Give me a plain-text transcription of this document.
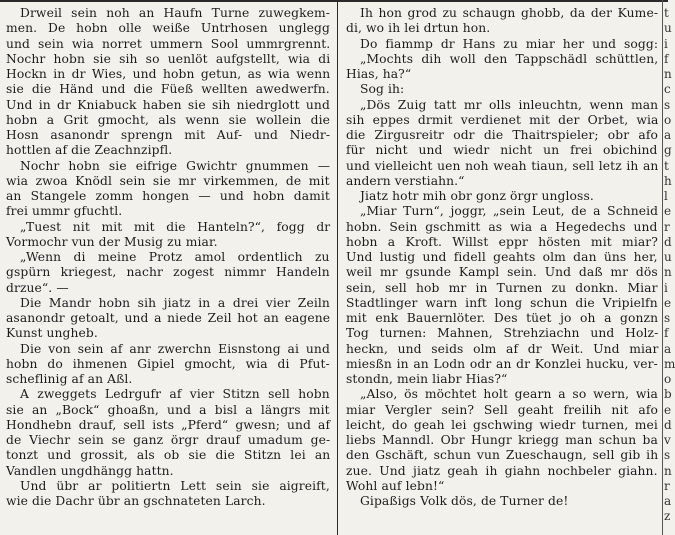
Drweil sein noh an Haufn Turne zuwegkem-
men. De hobn olle weiße Untrhosen unglegg
und sein wia norret ummern Sool ummrgrennt.
Nochr hobn sie sih so uenlöt aufgstellt, wia di
Hockn in dr Wies, und hobn getun, as wia wenn
sie die Händ und die Füeß wellten awedwerfn.
Und in dr Kniabuck haben sie sih niedrglott und
hobn a Grit gmocht, als wenn sie wollein die
Hosn asanondr sprengn mit Auf- und Niedr-
hottlen af die Zeachnzipfl.
Nochr hobn sie eifrige Gwichtr gnummen —
wia zwoa Knödl sein sie mr virkemmen, de mit
an Stangele zomm hongen — und hobn damit
frei ummr gfuchtl.
„Tuest nit mit mit die Hanteln?“, fogg dr
Vormochr vun der Musig zu miar.
„Wenn di meine Protz amol ordentlich zu
gspürn kriegest, nachr zogest nimmr Handeln
drzue“. —
Die Mandr hobn sih jiatz in a drei vier Zeiln
asanondr getoalt, und a niede Zeil hot an eagene
Kunst ungheb.
Die von sein af anr zwerchn Eisnstong ai und
hobn do ihmenen Gipiel gmocht, wia di Pfut-
scheflinig af an Aßl.
A zweggets Ledrgufr af vier Stitzn sell hobn
sie an „Bock“ ghoaßn, und a bisl a längrs mit
Hondhebn drauf, sell ists „Pferd“ gwesn; und af
de Viechr sein se ganz örgr drauf umadum ge-
tonzt und grossit, als ob sie die Stitzn lei an
Vandlen ungdhängg hattn.
Und übr ar politiertn Lett sein sie aigreift,
wie die Dachr übr an gschnateten Larch.
Ih hon grod zu schaugn ghobb, da der Kume-
di, wo ih lei drtun hon.
Do fiammp dr Hans zu miar her und sogg:
„Mochts dih woll den Tappschädl schüttlen,
Hias, ha?“
Sog ih:
„Dös Zuig tatt mr olls inleuchtn, wenn man
sih eppes drmit verdienet mit der Orbet, wia
die Zirgusreitr odr die Thaitrspieler; obr afo
für nicht und wiedr nicht un frei obichind
und vielleicht uen noh weah tiaun, sell letz ih an
andern verstiahn.“
Jiatz hotr mih obr gonz örgr ungloss.
„Miar Turn“, joggr, „sein Leut, de a Schneid
hobn. Sein gschmitt as wia a Hegedechs und
hobn a Kroft. Willst eppr hösten mit miar?
Und lustig und fidell geahts olm dan üns her,
weil mr gsunde Kampl sein. Und daß mr dös
sein, sell hob mr in Turnen zu donkn. Miar
Stadtlinger warn inft long schun die Vripielfn
mit enk Bauernlöter. Des tüet jo oh a gonzn
Tog turnen: Mahnen, Strehziachn und Holz-
heckn, und seids olm af dr Weit. Und miar
miesßn in an Lodn odr an dr Konzlei hucku, ver-
stondn, mein liabr Hias?“
„Also, ös möchtet holt gearn a so wern, wia
miar Vergler sein? Sell geaht freilih nit afo
leicht, do geah lei gschwing wiedr turnen, mei
liebs Manndl. Obr Hungr kriegg man schun ba
den Gschäft, schun vun Zueschaugn, sell gib ih
zue. Und jiatz geah ih giahn nochbeler giahn.
Wohl auf lebn!“
Gipaßigs Volk dös, de Turner de!
t
u
i
f
n
c
s
o
a
g
t
h
l
e
r
d
u
n
i
e
s
f
a
m
o
b
e
d
v
s
n
r
a
z
